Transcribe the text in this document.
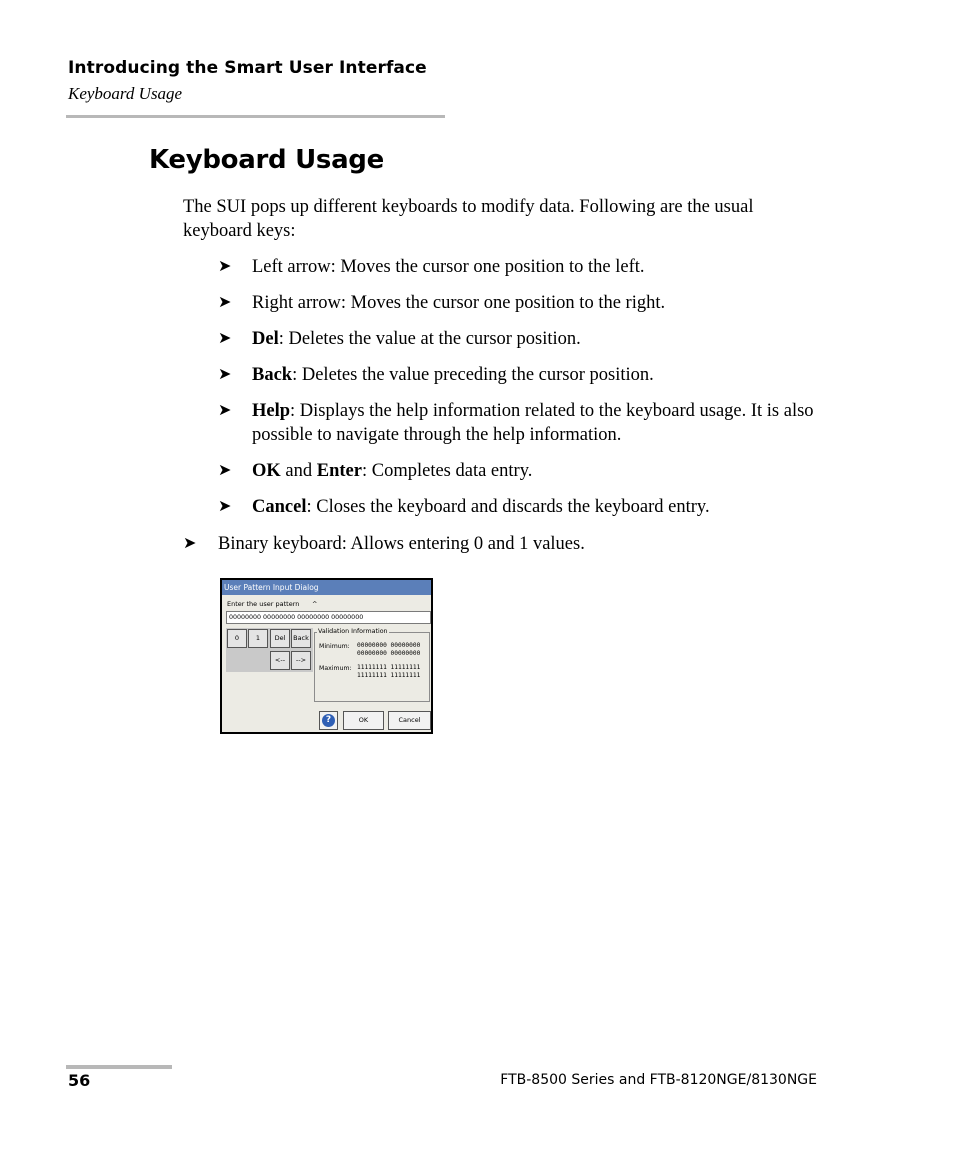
Introducing the Smart User Interface
Keyboard Usage
Keyboard Usage

The SUI pops up different keyboards to modify data. Following are the usual keyboard keys:

➤ Left arrow: Moves the cursor one position to the left.
➤ Right arrow: Moves the cursor one position to the right.
➤ Del: Deletes the value at the cursor position.
➤ Back: Deletes the value preceding the cursor position.
➤ Help: Displays the help information related to the keyboard usage. It is also possible to navigate through the help information.
➤ OK and Enter: Completes data entry.
➤ Cancel: Closes the keyboard and discards the keyboard entry.
➤ Binary keyboard: Allows entering 0 and 1 values.
User Pattern Input Dialog
Enter the user pattern ^
00000000 00000000 00000000 00000000
0	1	Del	Back
<--	-->
Validation Information
Minimum: 00000000 00000000
00000000 00000000
Maximum: 11111111 11111111
11111111 11111111
?	OK	Cancel
56	FTB-8500 Series and FTB-8120NGE/8130NGE
